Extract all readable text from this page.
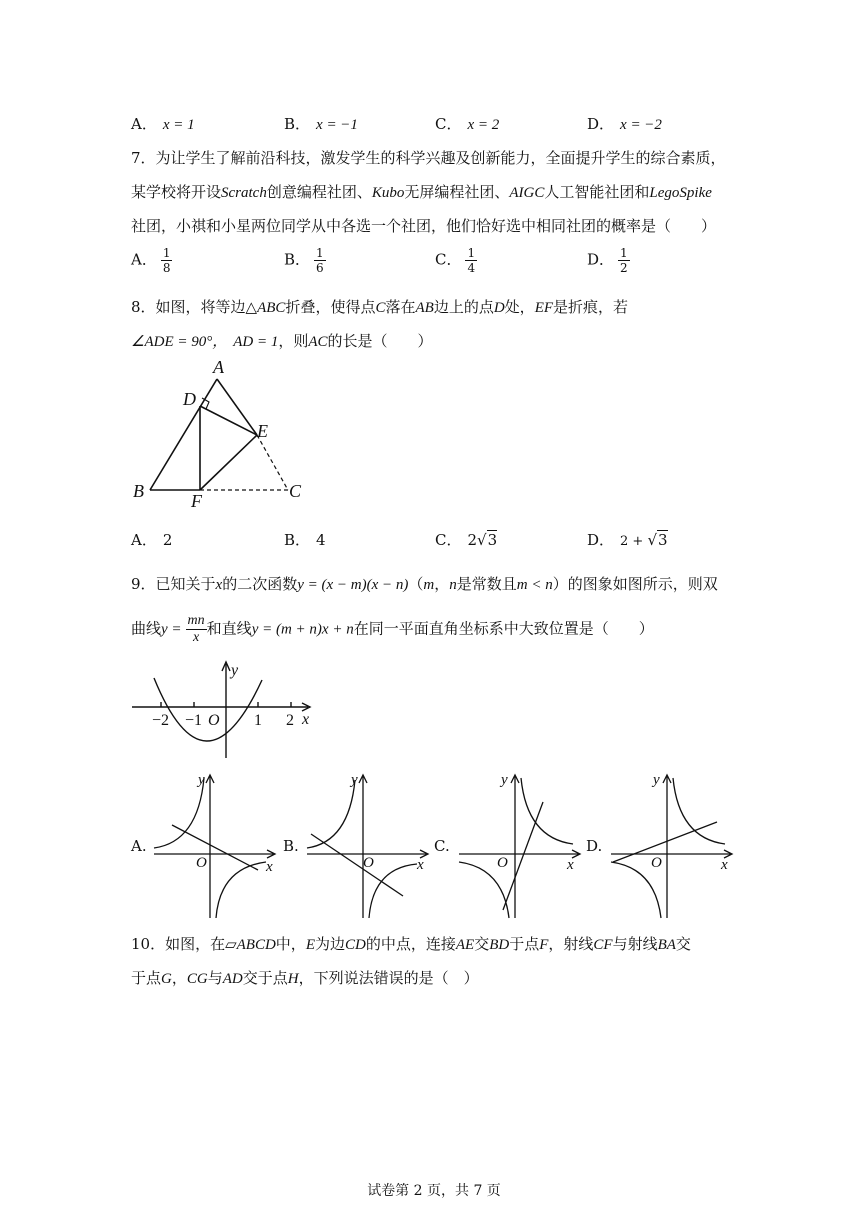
A． x = 1	B． x = −1	C． x = 2	D． x = −2
7．为让学生了解前沿科技，激发学生的科学兴趣及创新能力，全面提升学生的综合素质，
某学校将开设Scratch创意编程社团、Kubo无屏编程社团、AIGC人工智能社团和LegoSpike
社团，小祺和小星两位同学从中各选一个社团，他们恰好选中相同社团的概率是（　　）
A． $\frac{1}{8}$	B． $\frac{1}{6}$	C． $\frac{1}{4}$	D． $\frac{1}{2}$
8．如图，将等边△ABC折叠，使得点C落在AB边上的点D处，EF是折痕，若
∠ADE = 90°， AD = 1，则AC的长是（　　）
A
D
E
B	F	C
A． 2	B． 4	C． 2√3	D． 2 + √3
9．已知关于x的二次函数y = (x − m)(x − n)（m，n是常数且m < n）的图象如图所示，则双
曲线$y = \frac{mn}{x}$ 和直线y = (m + n)x + n在同一平面直角坐标系中大致位置是（　　）
−2 −1 O 1 2 x
y
A.	B.	C.	D.
O	x
y
O	x
y
O	x
y
O	x
y
10．如图，在▱ABCD中，E为边CD的中点，连接AE交BD于点F，射线CF与射线BA交
于点G，CG与AD交于点H，下列说法错误的是（　）
试卷第 2 页，共 7 页
